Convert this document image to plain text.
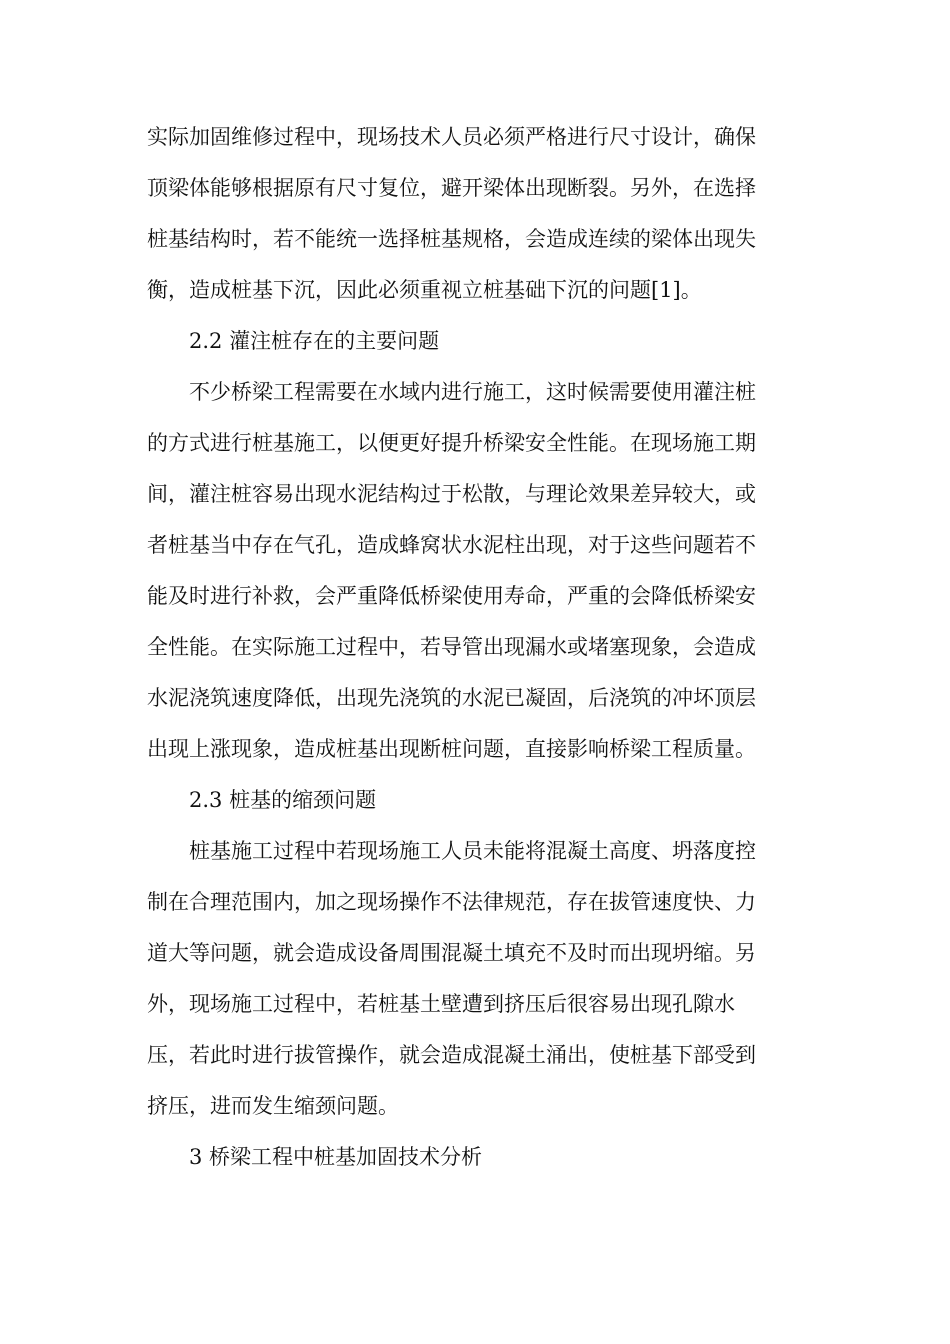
实际加固维修过程中，现场技术人员必须严格进行尺寸设计，确保
顶梁体能够根据原有尺寸复位，避开梁体出现断裂。另外，在选择
桩基结构时，若不能统一选择桩基规格，会造成连续的梁体出现失
衡，造成桩基下沉，因此必须重视立桩基础下沉的问题[1]。
2.2 灌注桩存在的主要问题
不少桥梁工程需要在水域内进行施工，这时候需要使用灌注桩
的方式进行桩基施工，以便更好提升桥梁安全性能。在现场施工期
间，灌注桩容易出现水泥结构过于松散，与理论效果差异较大，或
者桩基当中存在气孔，造成蜂窝状水泥柱出现，对于这些问题若不
能及时进行补救，会严重降低桥梁使用寿命，严重的会降低桥梁安
全性能。在实际施工过程中，若导管出现漏水或堵塞现象，会造成
水泥浇筑速度降低，出现先浇筑的水泥已凝固，后浇筑的冲坏顶层
出现上涨现象，造成桩基出现断桩问题，直接影响桥梁工程质量。
2.3 桩基的缩颈问题
桩基施工过程中若现场施工人员未能将混凝土高度、坍落度控
制在合理范围内，加之现场操作不法律规范，存在拔管速度快、力
道大等问题，就会造成设备周围混凝土填充不及时而出现坍缩。另
外，现场施工过程中，若桩基土壁遭到挤压后很容易出现孔隙水
压，若此时进行拔管操作，就会造成混凝土涌出，使桩基下部受到
挤压，进而发生缩颈问题。
3 桥梁工程中桩基加固技术分析
